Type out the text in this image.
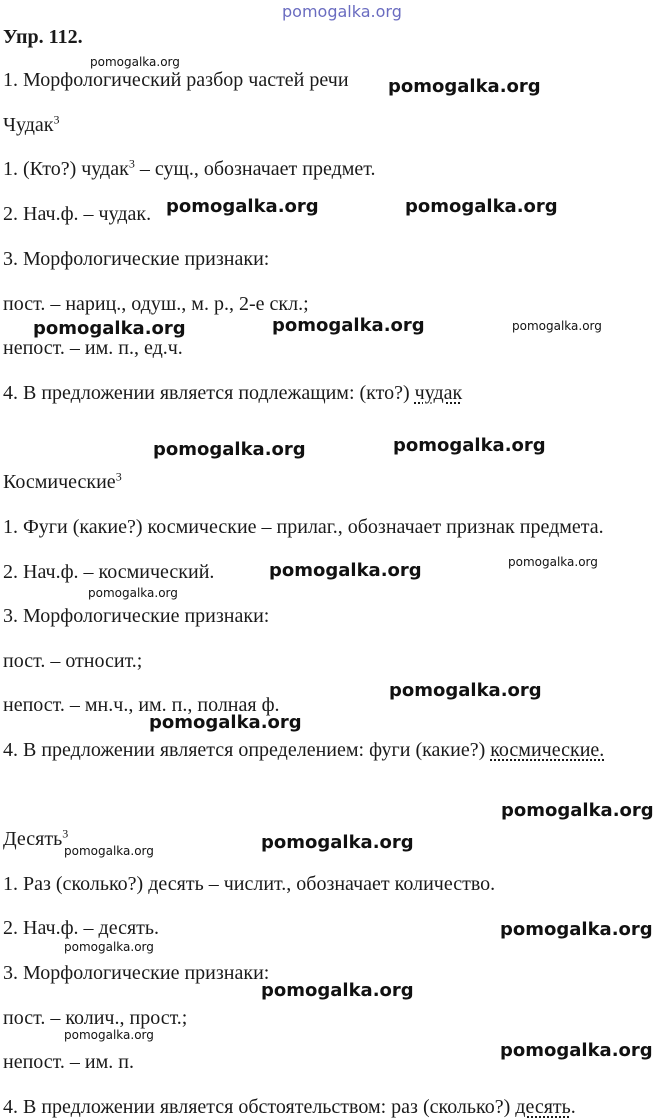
pomogalka.org
pomogalka.org
pomogalka.org
pomogalka.org	pomogalka.org
pomogalka.org	pomogalka.org	pomogalka.org
pomogalka.org	pomogalka.org
pomogalka.org
pomogalka.org
pomogalka.org
pomogalka.org
pomogalka.org
pomogalka.org
pomogalka.org
pomogalka.org
pomogalka.org
pomogalka.org
pomogalka.org
pomogalka.org
pomogalka.org
Упр. 112.
1. Морфологический разбор частей речи
Чудак$^3$
1. (Кто?) чудак$^3$ – сущ., обозначает предмет.
2. Нач.ф. – чудак.
3. Морфологические признаки:
пост. – нариц., одуш., м. р., 2-е скл.;
непост. – им. п., ед.ч.
4. В предложении является подлежащим: (кто?) чудак
Космические$^3$
1. Фуги (какие?) космические – прилаг., обозначает признак предмета.
2. Нач.ф. – космический.
3. Морфологические признаки:
пост. – относит.;
непост. – мн.ч., им. п., полная ф.
4. В предложении является определением: фуги (какие?) космические.
Десять$^3$
1. Раз (сколько?) десять – числит., обозначает количество.
2. Нач.ф. – десять.
3. Морфологические признаки:
пост. – колич., прост.;
непост. – им. п.
4. В предложении является обстоятельством: раз (сколько?) десять.
